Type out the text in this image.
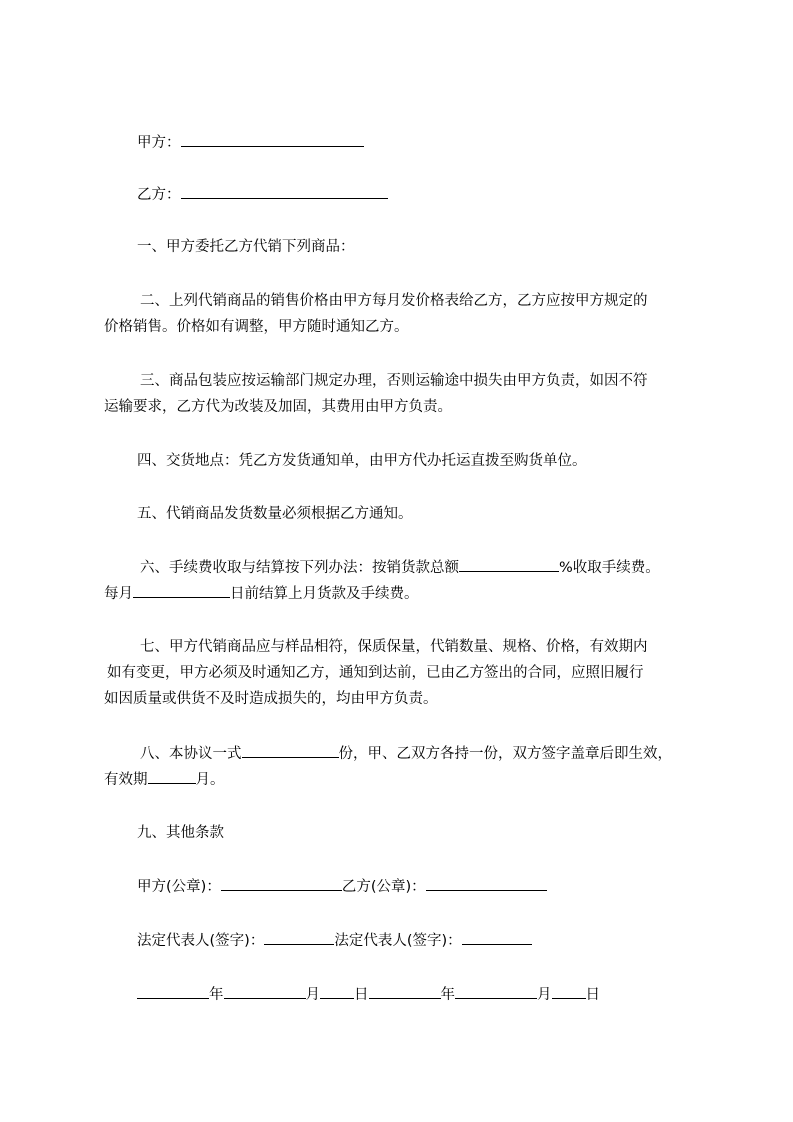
甲方：
乙方：
一、甲方委托乙方代销下列商品：
二、上列代销商品的销售价格由甲方每月发价格表给乙方，乙方应按甲方规定的
价格销售。价格如有调整，甲方随时通知乙方。
三、商品包装应按运输部门规定办理，否则运输途中损失由甲方负责，如因不符
运输要求，乙方代为改装及加固，其费用由甲方负责。
四、交货地点：凭乙方发货通知单，由甲方代办托运直拨至购货单位。
五、代销商品发货数量必须根据乙方通知。
六、手续费收取与结算按下列办法：按销货款总额	%收取手续费。
每月	日前结算上月货款及手续费。
七、甲方代销商品应与样品相符，保质保量，代销数量、规格、价格，有效期内
如有变更，甲方必须及时通知乙方，通知到达前，已由乙方签出的合同，应照旧履行
如因质量或供货不及时造成损失的，均由甲方负责。
八、本协议一式	份，甲、乙双方各持一份，双方签字盖章后即生效，
有效期	月。
九、其他条款
甲方(公章)：	乙方(公章)：
法定代表人(签字)：	法定代表人(签字)：
年	月 日	年	月 日
